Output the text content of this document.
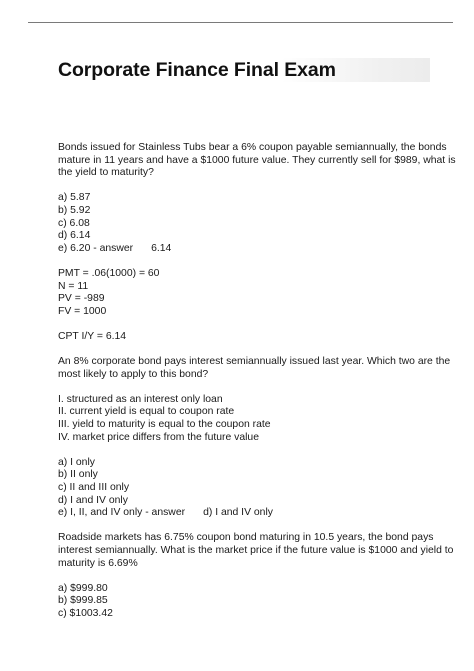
Corporate Finance Final Exam
Bonds issued for Stainless Tubs bear a 6% coupon payable semiannually, the bonds
mature in 11 years and have a $1000 future value. They currently sell for $989, what is
the yield to maturity?
a) 5.87
b) 5.92
c) 6.08
d) 6.14
e) 6.20 - answer 6.14
PMT = .06(1000) = 60
N = 11
PV = -989
FV = 1000
CPT I/Y = 6.14
An 8% corporate bond pays interest semiannually issued last year. Which two are the
most likely to apply to this bond?
I. structured as an interest only loan
II. current yield is equal to coupon rate
III. yield to maturity is equal to the coupon rate
IV. market price differs from the future value
a) I only
b) II only
c) II and III only
d) I and IV only
e) I, II, and IV only - answer d) I and IV only
Roadside markets has 6.75% coupon bond maturing in 10.5 years, the bond pays
interest semiannually. What is the market price if the future value is $1000 and yield to
maturity is 6.69%
a) $999.80
b) $999.85
c) $1003.42
